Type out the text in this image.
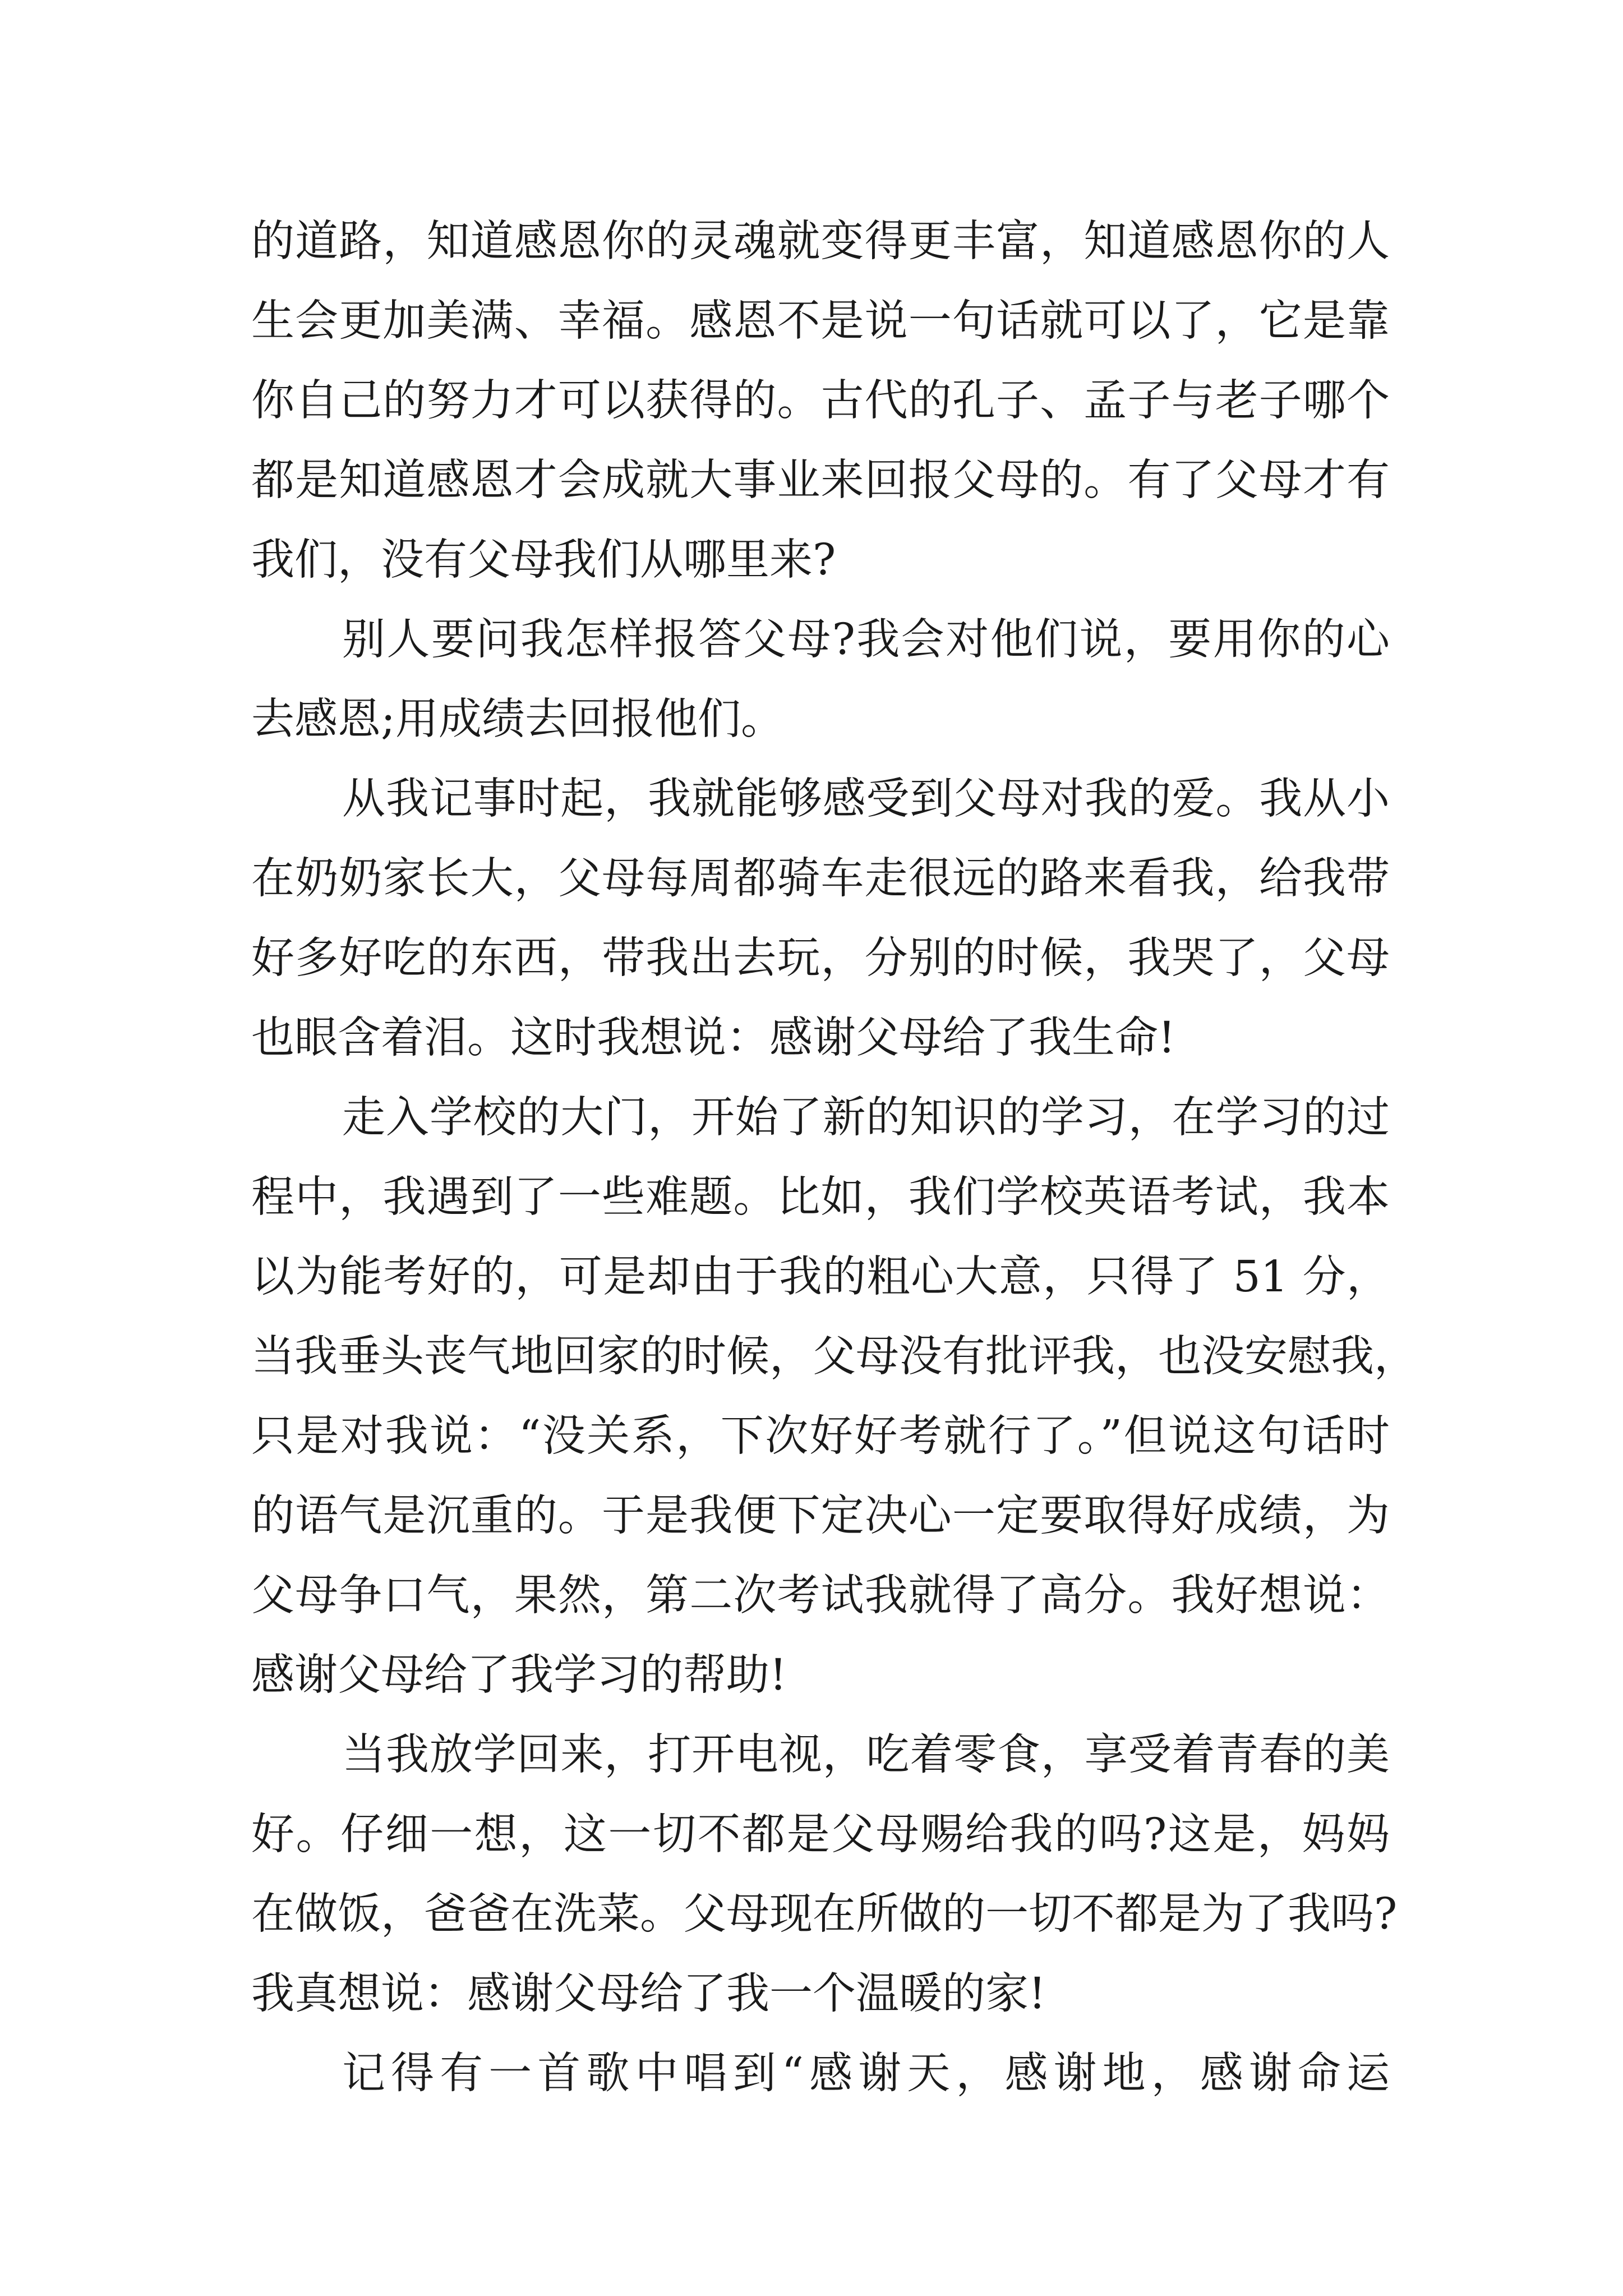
的道路，知道感恩你的灵魂就变得更丰富，知道感恩你的人
生会更加美满、幸福。感恩不是说一句话就可以了，它是靠
你自己的努力才可以获得的。古代的孔子、孟子与老子哪个
都是知道感恩才会成就大事业来回报父母的。有了父母才有
我们，没有父母我们从哪里来?
别人要问我怎样报答父母?我会对他们说，要用你的心
去感恩;用成绩去回报他们。
从我记事时起，我就能够感受到父母对我的爱。我从小
在奶奶家长大，父母每周都骑车走很远的路来看我，给我带
好多好吃的东西，带我出去玩，分别的时候，我哭了，父母
也眼含着泪。这时我想说：感谢父母给了我生命!
走入学校的大门，开始了新的知识的学习，在学习的过
程中，我遇到了一些难题。比如，我们学校英语考试，我本
以为能考好的，可是却由于我的粗心大意，只得了 51 分，
当我垂头丧气地回家的时候，父母没有批评我，也没安慰我，
只是对我说：“没关系，下次好好考就行了。”但说这句话时
的语气是沉重的。于是我便下定决心一定要取得好成绩，为
父母争口气，果然，第二次考试我就得了高分。我好想说：
感谢父母给了我学习的帮助!
当我放学回来，打开电视，吃着零食，享受着青春的美
好。仔细一想，这一切不都是父母赐给我的吗?这是，妈妈
在做饭，爸爸在洗菜。父母现在所做的一切不都是为了我吗?
我真想说：感谢父母给了我一个温暖的家!
记得有一首歌中唱到“感谢天，感谢地，感谢命运
